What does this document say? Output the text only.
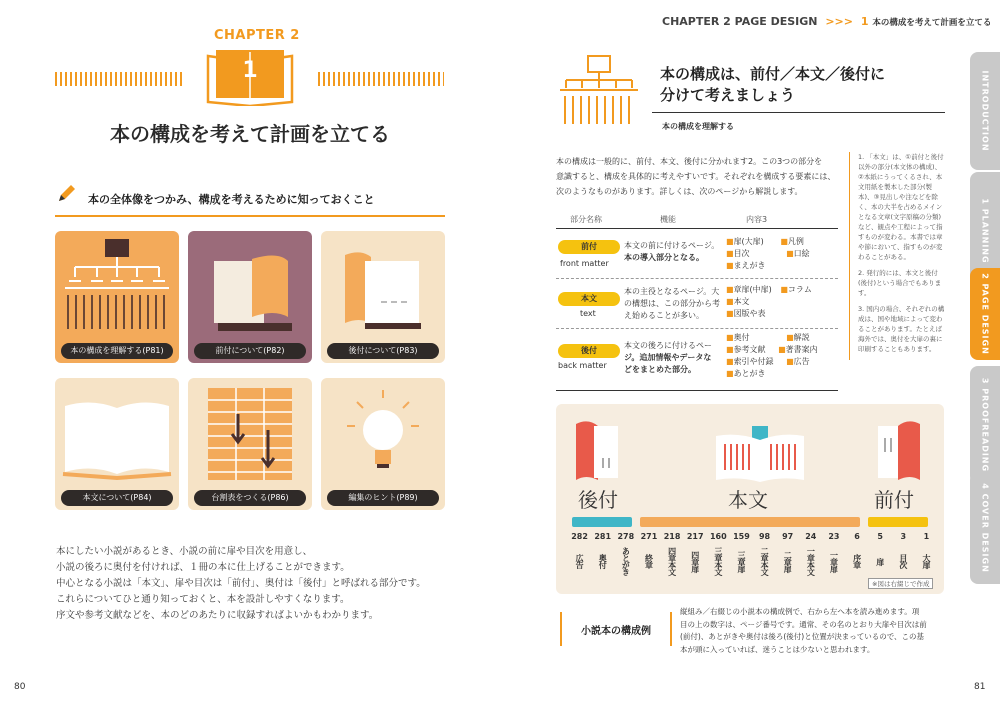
CHAPTER 2
1
本の構成を考えて計画を立てる
本の全体像をつかみ、構成を考えるために知っておくこと
本の構成を理解する(P81)	前付について(P82)	後付について(P83)
本文について(P84)	台割表をつくる(P86)	編集のヒント(P89)
本にしたい小説があるとき、小説の前に扉や目次を用意し、
小説の後ろに奥付を付ければ、１冊の本に仕上げることができます。
中心となる小説は「本文」、扉や目次は「前付」、奥付は「後付」と呼ばれる部分です。
これらについてひと通り知っておくと、本を設計しやすくなります。
序文や参考文献などを、本のどのあたりに収録すればよいかもわかります。
80
CHAPTER 2 PAGE DESIGN >>> 1 本の構成を考えて計画を立てる
本の構成は、前付／本文／後付に
分けて考えましょう
本の構成を理解する
本の構成は一般的に、前付、本文、後付に分かれます2。この3つの部分を
意識すると、構成を具体的に考えやすいです。それぞれを構成する要素には、
次のようなものがあります。詳しくは、次のページから解説します。
部分名称	機能	内容3
前付
front matter
本文の前に付けるページ。
本の導入部分となる。
■扉(大扉) ■凡例
■目次	■口絵
■まえがき
本文
text
本の主役となるページ。大
の構想は、この部分から考
え始めることが多い。
■章扉(中扉) ■コラム
■本文
■図版や表
後付
back matter
本文の後ろに付けるペー
ジ。追加情報やデータな
どをまとめた部分。
■奥付	■解説
■参考文献 ■著書案内
■索引や付録 ■広告
■あとがき
1. 「本文」は、①前付と後付以外の部分(本文体の構成)、②本紙にうってくるされ、本文用紙を製本した部分(製本)、③見出しや注などを除く、本の大半を占めるメインとなる文章(文字原稿の分類)など、観点や工程によって指すものが変わる。本書では章や節において、指すものが変わることがある。
2. 発行的には、本文と後付(後付)という場合でもあります。
3. 国内の場合、それぞれの構成は、国や地域によって変わることがあります。たとえば海外では、奥付を大扉の裏に印刷することもあります。
後付	本文	前付
282
広告
281
奥付
278
あとがき
271
終章
218
四章本文
217
四章扉
160
三章本文
159
三章扉
98
二章本文
97
二章扉
24
一章本文
23
一章扉
6
序章
5
扉
3
目次
1
大扉
※図は右綴じで作成
小説本の構成例
縦組み／右綴じの小説本の構成例で、右から左へ本を読み進めます。項
目の上の数字は、ページ番号です。通常、その名のとおり大扉や目次は前
(前付)、あとがきや奥付は後ろ(後付)と位置が決まっているので、この基
本が頭に入っていれば、迷うことは少ないと思われます。
81
INTRODUCTION
1 PLANNING
2 PAGE DESIGN
3 PROOFREADING
4 COVER DESIGN
